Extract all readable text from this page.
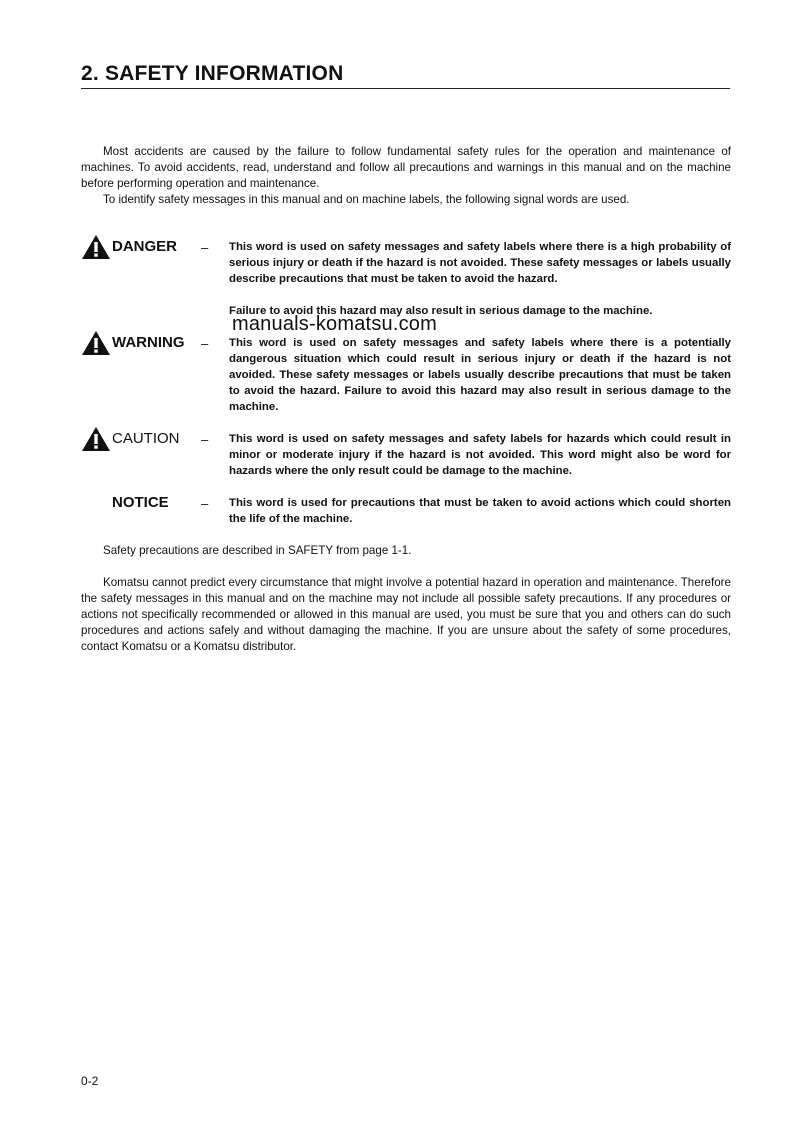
2. SAFETY INFORMATION

Most accidents are caused by the failure to follow fundamental safety rules for the operation and maintenance of machines. To avoid accidents, read, understand and follow all precautions and warnings in this manual and on the machine before performing operation and maintenance.

To identify safety messages in this manual and on machine labels, the following signal words are used.

DANGER – This word is used on safety messages and safety labels where there is a high probability of serious injury or death if the hazard is not avoided. These safety messages or labels usually describe precautions that must be taken to avoid the hazard.

Failure to avoid this hazard may also result in serious damage to the machine.

manuals-komatsu.com
WARNING – This word is used on safety messages and safety labels where there is a potentially dangerous situation which could result in serious injury or death if the hazard is not avoided. These safety messages or labels usually describe precautions that must be taken to avoid the hazard. Failure to avoid this hazard may also result in serious damage to the machine.

CAUTION – This word is used on safety messages and safety labels for hazards which could result in minor or moderate injury if the hazard is not avoided. This word might also be word for hazards where the only result could be damage to the machine.

NOTICE – This word is used for precautions that must be taken to avoid actions which could shorten the life of the machine.

Safety precautions are described in SAFETY from page 1-1.

Komatsu cannot predict every circumstance that might involve a potential hazard in operation and maintenance. Therefore the safety messages in this manual and on the machine may not include all possible safety precautions. If any procedures or actions not specifically recommended or allowed in this manual are used, you must be sure that you and others can do such procedures and actions safely and without damaging the machine. If you are unsure about the safety of some procedures, contact Komatsu or a Komatsu distributor.

0-2
